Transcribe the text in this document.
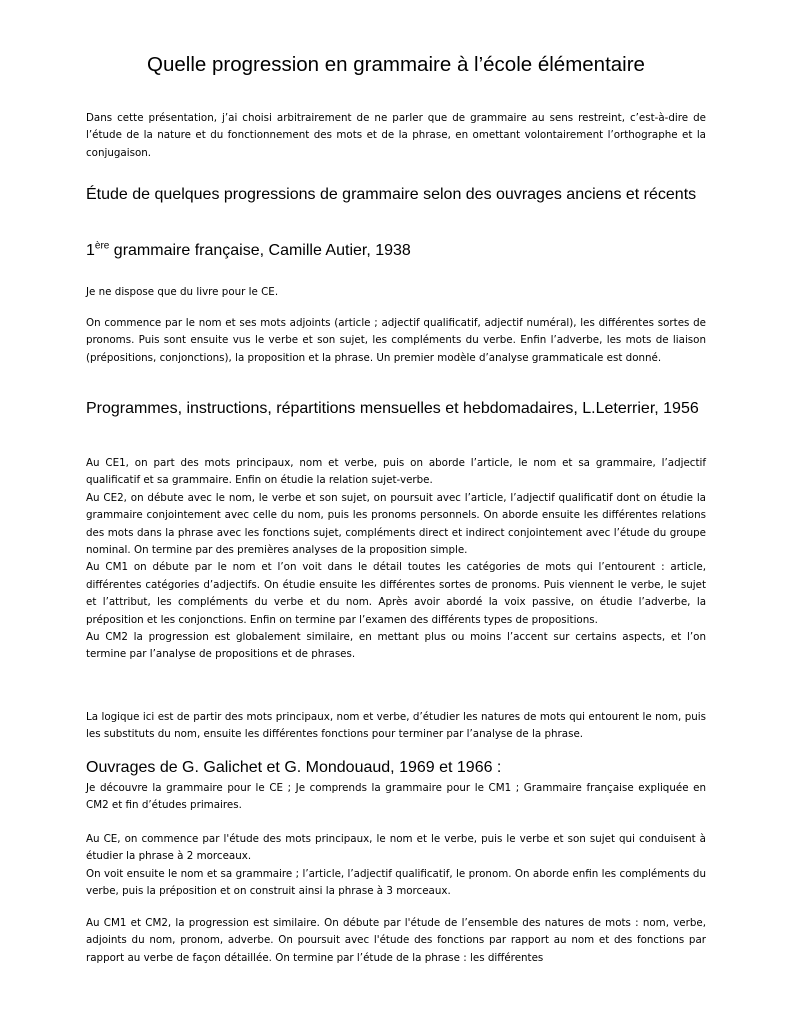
Quelle progression en grammaire à l’école élémentaire

Dans cette présentation, j’ai choisi arbitrairement de ne parler que de grammaire au sens restreint, c’est-à-dire de l’étude de la nature et du fonctionnement des mots et de la phrase, en omettant volontairement l’orthographe et la conjugaison.

Étude de quelques progressions de grammaire selon des ouvrages anciens et récents
1ère grammaire française, Camille Autier, 1938

Je ne dispose que du livre pour le CE.

On commence par le nom et ses mots adjoints (article ; adjectif qualificatif, adjectif numéral), les différentes sortes de pronoms. Puis sont ensuite vus le verbe et son sujet, les compléments du verbe. Enfin l’adverbe, les mots de liaison (prépositions, conjonctions), la proposition et la phrase. Un premier modèle d’analyse grammaticale est donné.

Programmes, instructions, répartitions mensuelles et hebdomadaires, L.Leterrier, 1956
Au CE1, on part des mots principaux, nom et verbe, puis on aborde l’article, le nom et sa grammaire, l’adjectif qualificatif et sa grammaire. Enfin on étudie la relation sujet-verbe.
Au CE2, on débute avec le nom, le verbe et son sujet, on poursuit avec l’article, l’adjectif qualificatif dont on étudie la grammaire conjointement avec celle du nom, puis les pronoms personnels. On aborde ensuite les différentes relations des mots dans la phrase avec les fonctions sujet, compléments direct et indirect conjointement avec l’étude du groupe nominal. On termine par des premières analyses de la proposition simple.
Au CM1 on débute par le nom et l’on voit dans le détail toutes les catégories de mots qui l’entourent : article, différentes catégories d’adjectifs. On étudie ensuite les différentes sortes de pronoms. Puis viennent le verbe, le sujet et l’attribut, les compléments du verbe et du nom. Après avoir abordé la voix passive, on étudie l’adverbe, la préposition et les conjonctions. Enfin on termine par l’examen des différents types de propositions.
Au CM2 la progression est globalement similaire, en mettant plus ou moins l’accent sur certains aspects, et l’on termine par l’analyse de propositions et de phrases.

La logique ici est de partir des mots principaux, nom et verbe, d’étudier les natures de mots qui entourent le nom, puis les substituts du nom, ensuite les différentes fonctions pour terminer par l’analyse de la phrase.

Ouvrages de G. Galichet et G. Mondouaud, 1969 et 1966 :

Je découvre la grammaire pour le CE ; Je comprends la grammaire pour le CM1 ; Grammaire française expliquée en CM2 et fin d’études primaires.

Au CE, on commence par l'étude des mots principaux, le nom et le verbe, puis le verbe et son sujet qui conduisent à étudier la phrase à 2 morceaux.
On voit ensuite le nom et sa grammaire ; l’article, l’adjectif qualificatif, le pronom. On aborde enfin les compléments du verbe, puis la préposition et on construit ainsi la phrase à 3 morceaux.

Au CM1 et CM2, la progression est similaire. On débute par l'étude de l’ensemble des natures de mots : nom, verbe, adjoints du nom, pronom, adverbe. On poursuit avec l'étude des fonctions par rapport au nom et des fonctions par rapport au verbe de façon détaillée. On termine par l’étude de la phrase : les différentes
